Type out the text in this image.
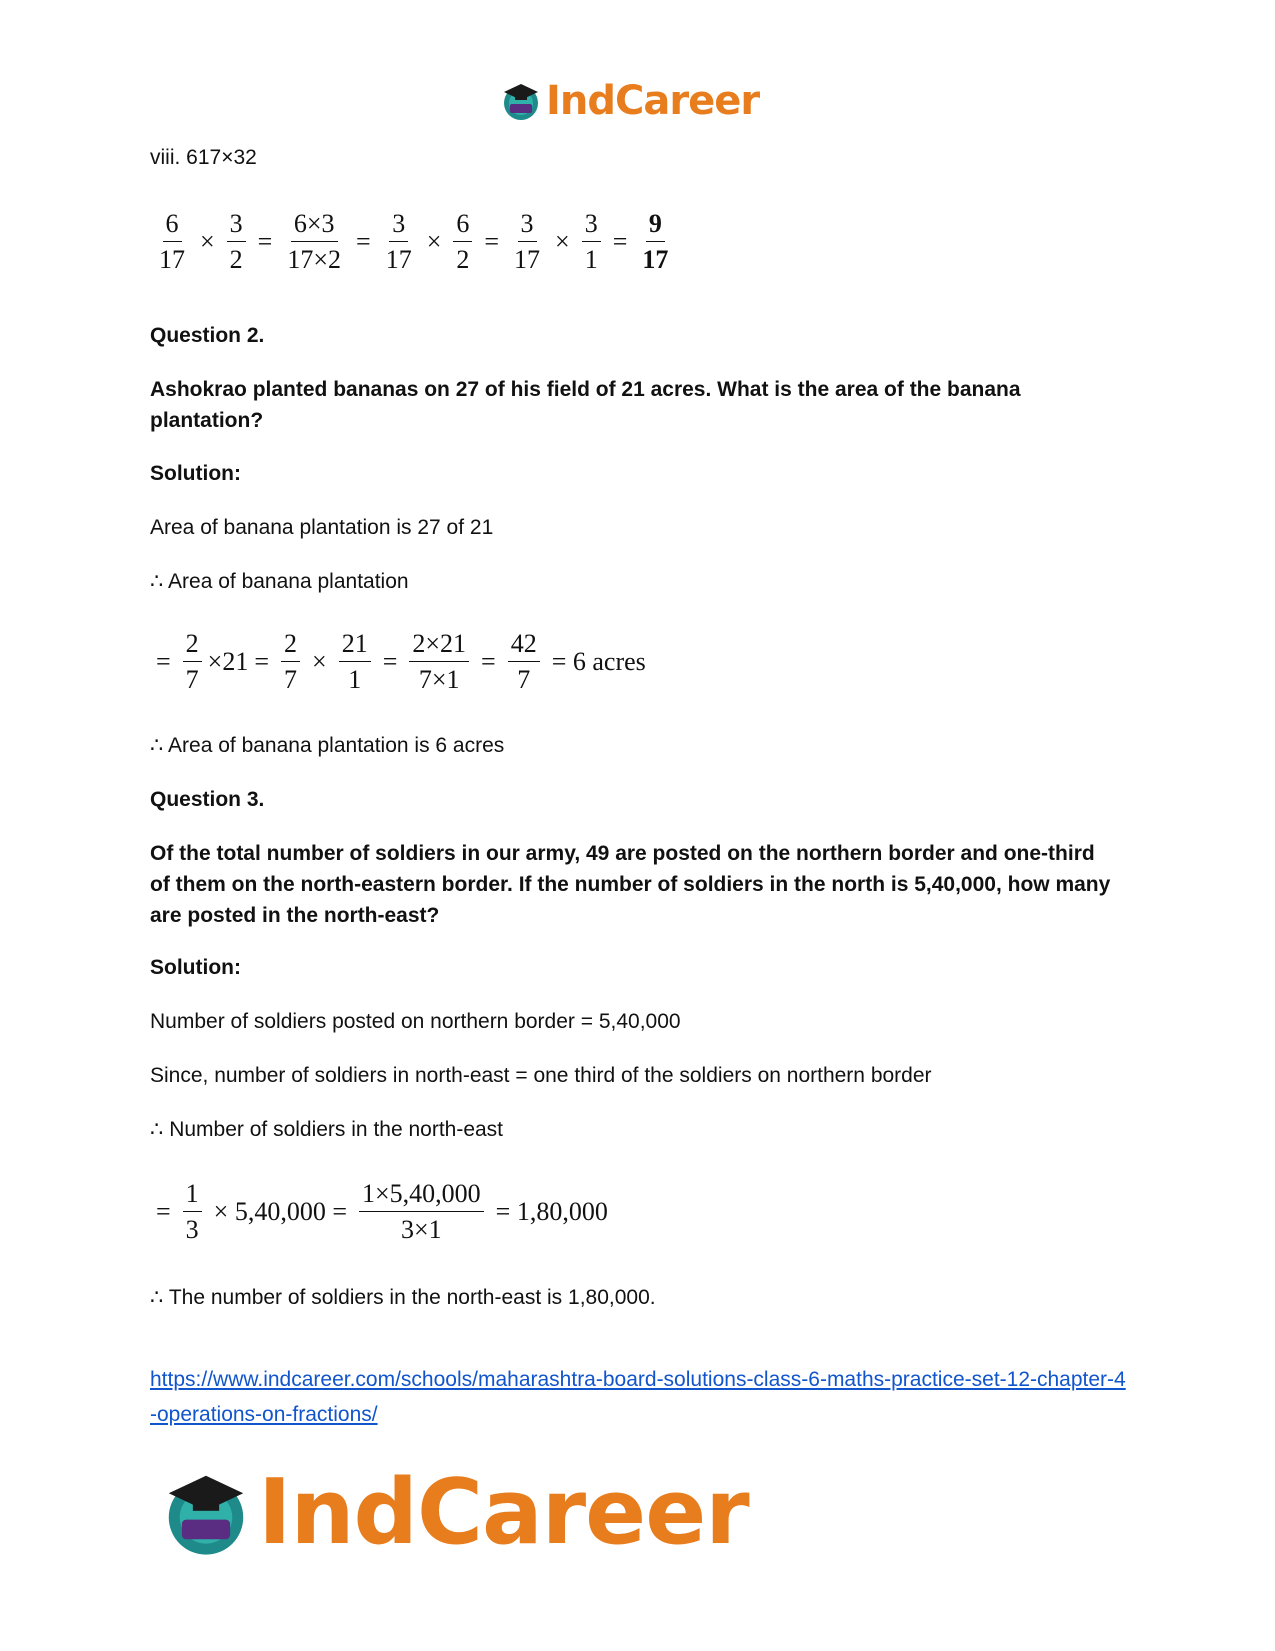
IndCareer
viii. 617×32
$\frac{6}{17} \times \frac{3}{2} = \frac{6\times 3}{17\times 2} = \frac{3}{17} \times \frac{6}{2} = \frac{3}{17} \times \frac{3}{1} = \frac{9}{17}$
Question 2.
Ashokrao planted bananas on 27 of his field of 21 acres. What is the area of the banana plantation?
Solution:
Area of banana plantation is 27 of 21
∴ Area of banana plantation
= $\frac{2}{7} \times 21 = \frac{2}{7} \times \frac{21}{1} = \frac{2\times 21}{7\times 1} = \frac{42}{7} = 6$ acres
∴ Area of banana plantation is 6 acres
Question 3.
Of the total number of soldiers in our army, 49 are posted on the northern border and one-third of them on the north-eastern border. If the number of soldiers in the north is 5,40,000, how many are posted in the north-east?
Solution:
Number of soldiers posted on northern border = 5,40,000
Since, number of soldiers in north-east = one third of the soldiers on northern border
∴ Number of soldiers in the north-east
= $\frac{1}{3} \times 5,40,000 = \frac{1\times 5,40,000}{3\times 1} = 1,80,000$
∴ The number of soldiers in the north-east is 1,80,000.
https://www.indcareer.com/schools/maharashtra-board-solutions-class-6-maths-practice-set-12-chapter-4-operations-on-fractions/
IndCareer
